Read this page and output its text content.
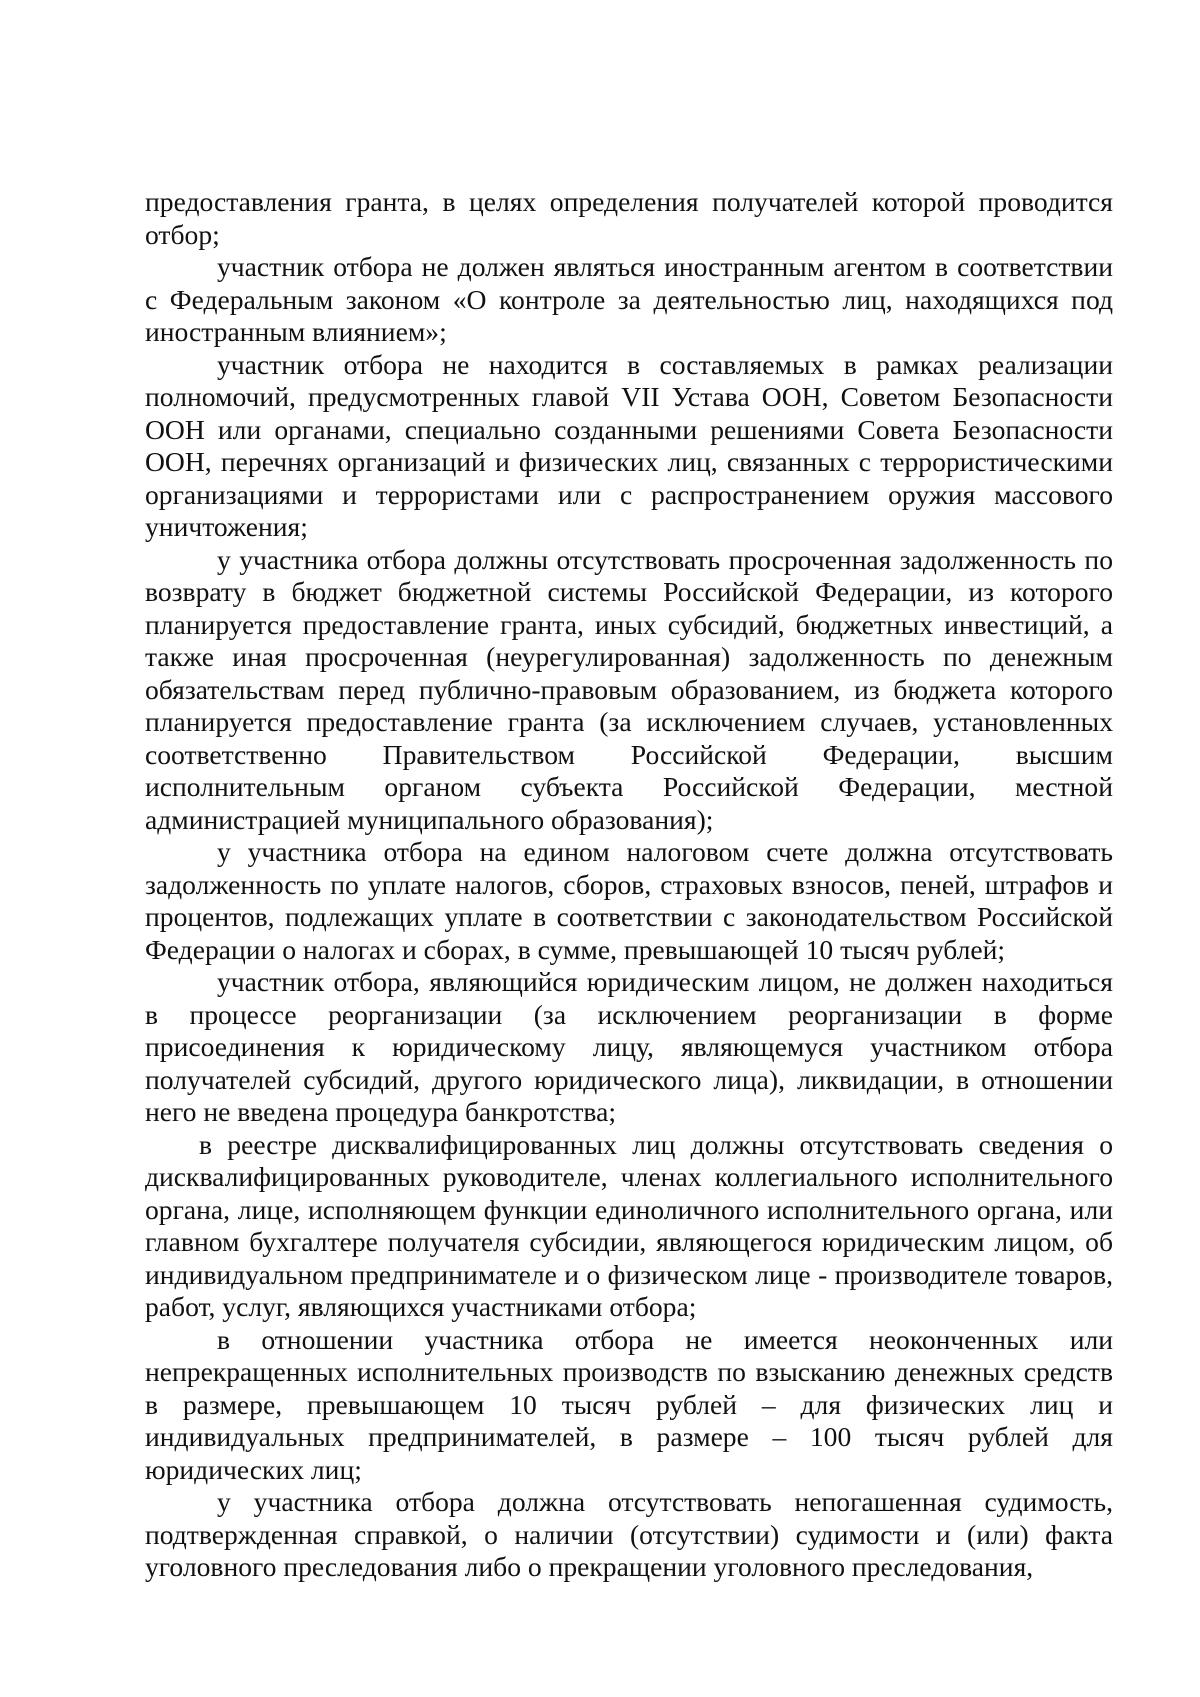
предоставления гранта, в целях определения получателей которой проводится отбор;

участник отбора не должен являться иностранным агентом в соответствии с Федеральным законом «О контроле за деятельностью лиц, находящихся под иностранным влиянием»;

участник отбора не находится в составляемых в рамках реализации полномочий, предусмотренных главой VII Устава ООН, Советом Безопасности ООН или органами, специально созданными решениями Совета Безопасности ООН, перечнях организаций и физических лиц, связанных с террористическими организациями и террористами или с распространением оружия массового уничтожения;

у участника отбора должны отсутствовать просроченная задолженность по возврату в бюджет бюджетной системы Российской Федерации, из которого планируется предоставление гранта, иных субсидий, бюджетных инвестиций, а также иная просроченная (неурегулированная) задолженность по денежным обязательствам перед публично-правовым образованием, из бюджета которого планируется предоставление гранта (за исключением случаев, установленных соответственно Правительством Российской Федерации, высшим исполнительным органом субъекта Российской Федерации, местной администрацией муниципального образования);

у участника отбора на едином налоговом счете должна отсутствовать задолженность по уплате налогов, сборов, страховых взносов, пеней, штрафов и процентов, подлежащих уплате в соответствии с законодательством Российской Федерации о налогах и сборах, в сумме, превышающей 10 тысяч рублей;

участник отбора, являющийся юридическим лицом, не должен находиться в процессе реорганизации (за исключением реорганизации в форме присоединения к юридическому лицу, являющемуся участником отбора получателей субсидий, другого юридического лица), ликвидации, в отношении него не введена процедура банкротства;

в реестре дисквалифицированных лиц должны отсутствовать сведения о дисквалифицированных руководителе, членах коллегиального исполнительного органа, лице, исполняющем функции единоличного исполнительного органа, или главном бухгалтере получателя субсидии, являющегося юридическим лицом, об индивидуальном предпринимателе и о физическом лице - производителе товаров, работ, услуг, являющихся участниками отбора;

в отношении участника отбора не имеется неоконченных или непрекращенных исполнительных производств по взысканию денежных средств в размере, превышающем 10 тысяч рублей – для физических лиц и индивидуальных предпринимателей, в размере – 100 тысяч рублей для юридических лиц;

у участника отбора должна отсутствовать непогашенная судимость, подтвержденная справкой, о наличии (отсутствии) судимости и (или) факта уголовного преследования либо о прекращении уголовного преследования,
